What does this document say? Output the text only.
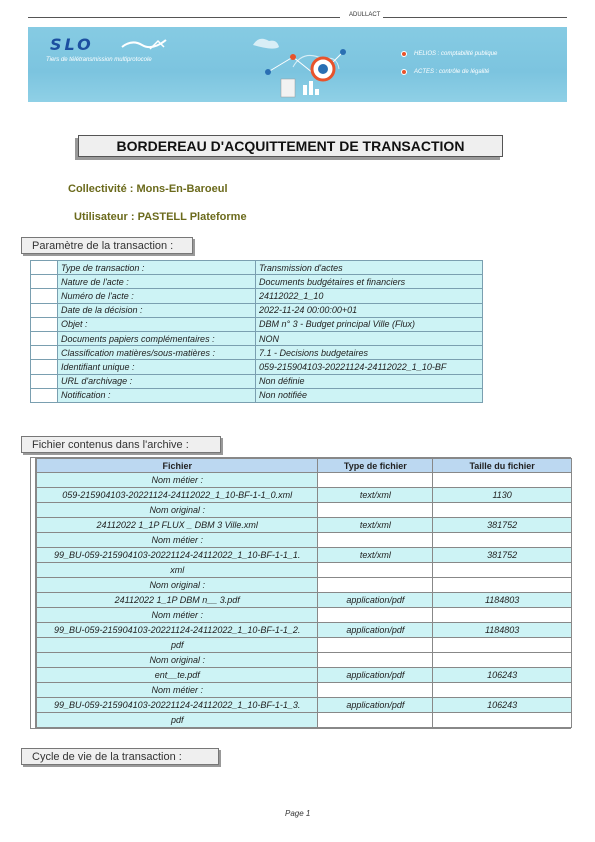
ADULLACT
SLO
Tiers de télétransmission multiprotocole
HELIOS : comptabilité publique
ACTES : contrôle de légalité
BORDEREAU D'ACQUITTEMENT DE TRANSACTION
Collectivité : Mons-En-Baroeul
Utilisateur : PASTELL Plateforme
Paramètre de la transaction :
	Type de transaction :	Transmission d'actes
	Nature de l'acte :	Documents budgétaires et financiers
	Numéro de l'acte :	24112022_1_10
	Date de la décision :	2022-11-24 00:00:00+01
	Objet :	DBM n° 3 - Budget principal Ville (Flux)
	Documents papiers complémentaires :	NON
	Classification matières/sous-matières :	7.1 - Decisions budgetaires
	Identifiant unique :	059-215904103-20221124-24112022_1_10-BF
	URL d'archivage :	Non définie
	Notification :	Non notifiée
Fichier contenus dans l'archive :
Fichier	Type de fichier	Taille du fichier
Nom métier :		
059-215904103-20221124-24112022_1_10-BF-1-1_0.xml	text/xml	1130
Nom original :		
24112022 1_1P FLUX _ DBM 3 Ville.xml	text/xml	381752
Nom métier :		
99_BU-059-215904103-20221124-24112022_1_10-BF-1-1_1.	text/xml	381752
xml		
Nom original :		
24112022 1_1P DBM n__ 3.pdf	application/pdf	1184803
Nom métier :		
99_BU-059-215904103-20221124-24112022_1_10-BF-1-1_2.	application/pdf	1184803
pdf		
Nom original :		
ent__te.pdf	application/pdf	106243
Nom métier :		
99_BU-059-215904103-20221124-24112022_1_10-BF-1-1_3.	application/pdf	106243
pdf		
Cycle de vie de la transaction :
Page 1
